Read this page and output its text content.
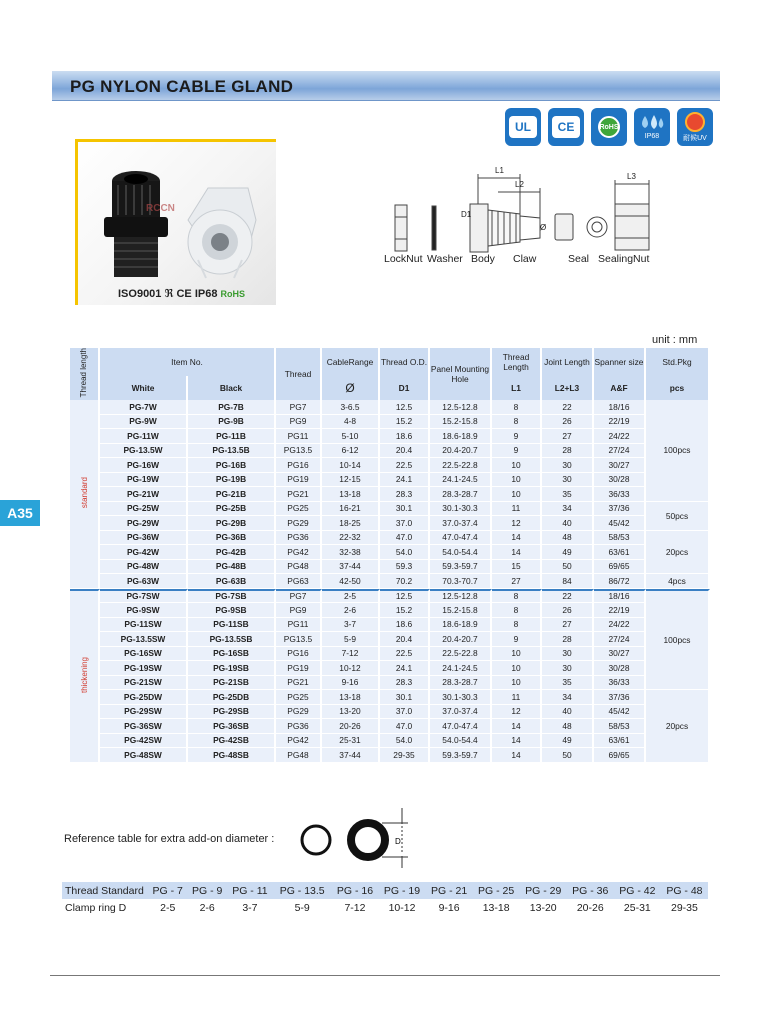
PG NYLON CABLE GLAND
UL	CE	RoHS
IP68	耐候UV
RCCN
ISO9001 ℜ CE IP68 RoHS
D1
L1
L2
L3
Ø
LockNut Washer Body Claw	Seal SealingNut
unit : mm
Thread length	Item No.		Thread	CableRange	Thread O.D.	Panel Mounting Hole	Thread Length	Joint Length	Spanner size	Std.Pkg
	White	Black		Ø	D1		L1	L2+L3	A&F	pcs
standard	PG-7W	PG-7B	PG7	3-6.5	12.5	12.5-12.8	8	22	18/16	100pcs
	PG-9W	PG-9B	PG9	4-8	15.2	15.2-15.8	8	26	22/19	
	PG-11W	PG-11B	PG11	5-10	18.6	18.6-18.9	9	27	24/22	
	PG-13.5W	PG-13.5B	PG13.5	6-12	20.4	20.4-20.7	9	28	27/24	
	PG-16W	PG-16B	PG16	10-14	22.5	22.5-22.8	10	30	30/27	
	PG-19W	PG-19B	PG19	12-15	24.1	24.1-24.5	10	30	30/28	
	PG-21W	PG-21B	PG21	13-18	28.3	28.3-28.7	10	35	36/33	
	PG-25W	PG-25B	PG25	16-21	30.1	30.1-30.3	11	34	37/36	50pcs
	PG-29W	PG-29B	PG29	18-25	37.0	37.0-37.4	12	40	45/42	
	PG-36W	PG-36B	PG36	22-32	47.0	47.0-47.4	14	48	58/53	20pcs
	PG-42W	PG-42B	PG42	32-38	54.0	54.0-54.4	14	49	63/61	
	PG-48W	PG-48B	PG48	37-44	59.3	59.3-59.7	15	50	69/65	
	PG-63W	PG-63B	PG63	42-50	70.2	70.3-70.7	27	84	86/72	4pcs
thickening	PG-7SW	PG-7SB	PG7	2-5	12.5	12.5-12.8	8	22	18/16	100pcs
	PG-9SW	PG-9SB	PG9	2-6	15.2	15.2-15.8	8	26	22/19	
	PG-11SW	PG-11SB	PG11	3-7	18.6	18.6-18.9	8	27	24/22	
	PG-13.5SW	PG-13.5SB	PG13.5	5-9	20.4	20.4-20.7	9	28	27/24	
	PG-16SW	PG-16SB	PG16	7-12	22.5	22.5-22.8	10	30	30/27	
	PG-19SW	PG-19SB	PG19	10-12	24.1	24.1-24.5	10	30	30/28	
	PG-21SW	PG-21SB	PG21	9-16	28.3	28.3-28.7	10	35	36/33	
	PG-25DW	PG-25DB	PG25	13-18	30.1	30.1-30.3	11	34	37/36	20pcs
	PG-29SW	PG-29SB	PG29	13-20	37.0	37.0-37.4	12	40	45/42	
	PG-36SW	PG-36SB	PG36	20-26	47.0	47.0-47.4	14	48	58/53	
	PG-42SW	PG-42SB	PG42	25-31	54.0	54.0-54.4	14	49	63/61	
	PG-48SW	PG-48SB	PG48	37-44	29-35	59.3-59.7	14	50	69/65	
A35
Reference table for extra add-on diameter :	D
Thread Standard	PG - 7	PG - 9	PG - 11	PG - 13.5	PG - 16	PG - 19	PG - 21	PG - 25	PG - 29	PG - 36	PG - 42	PG - 48
Clamp ring D	2-5	2-6	3-7	5-9	7-12	10-12	9-16	13-18	13-20	20-26	25-31	29-35
